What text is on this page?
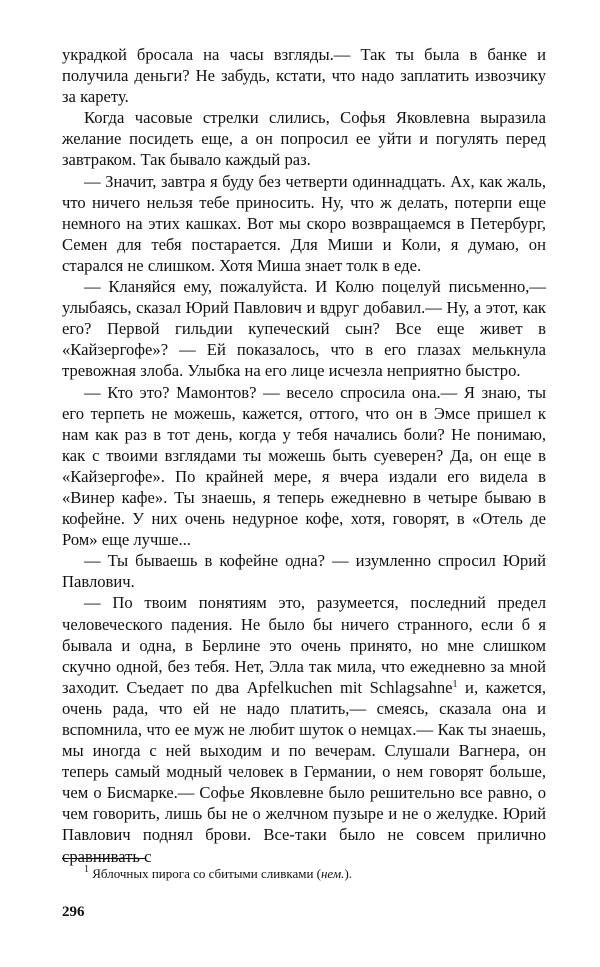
украдкой бросала на часы взгляды.— Так ты была в банке и получила деньги? Не забудь, кстати, что надо заплатить извозчику за карету.

Когда часовые стрелки слились, Софья Яковлевна выразила желание посидеть еще, а он попросил ее уйти и погулять перед завтраком. Так бывало каждый раз.

— Значит, завтра я буду без четверти одиннадцать. Ах, как жаль, что ничего нельзя тебе приносить. Ну, что ж делать, потерпи еще немного на этих кашках. Вот мы скоро возвращаемся в Петербург, Семен для тебя постарается. Для Миши и Коли, я думаю, он старался не слишком. Хотя Миша знает толк в еде.

— Кланяйся ему, пожалуйста. И Колю поцелуй письменно,— улыбаясь, сказал Юрий Павлович и вдруг добавил.— Ну, а этот, как его? Первой гильдии купеческий сын? Все еще живет в «Кайзергофе»? — Ей показалось, что в его глазах мелькнула тревожная злоба. Улыбка на его лице исчезла неприятно быстро.

— Кто это? Мамонтов? — весело спросила она.— Я знаю, ты его терпеть не можешь, кажется, оттого, что он в Эмсе пришел к нам как раз в тот день, когда у тебя начались боли? Не понимаю, как с твоими взглядами ты можешь быть суеверен? Да, он еще в «Кайзергофе». По крайней мере, я вчера издали его видела в «Винер кафе». Ты знаешь, я теперь ежедневно в четыре бываю в кофейне. У них очень недурное кофе, хотя, говорят, в «Отель де Ром» еще лучше...

— Ты бываешь в кофейне одна? — изумленно спросил Юрий Павлович.

— По твоим понятиям это, разумеется, последний предел человеческого падения. Не было бы ничего странного, если б я бывала и одна, в Берлине это очень принято, но мне слишком скучно одной, без тебя. Нет, Элла так мила, что ежедневно за мной заходит. Съедает по два Apfelkuchen mit Schlagsahne$^1$ и, кажется, очень рада, что ей не надо платить,— смеясь, сказала она и вспомнила, что ее муж не любит шуток о немцах.— Как ты знаешь, мы иногда с ней выходим и по вечерам. Слушали Вагнера, он теперь самый модный человек в Германии, о нем говорят больше, чем о Бисмарке.— Софье Яковлевне было решительно все равно, о чем говорить, лишь бы не о желчном пузыре и не о желудке. Юрий Павлович поднял брови. Все-таки было не совсем прилично сравнивать с

$^1$ Яблочных пирога со сбитыми сливками (нем.).
296
